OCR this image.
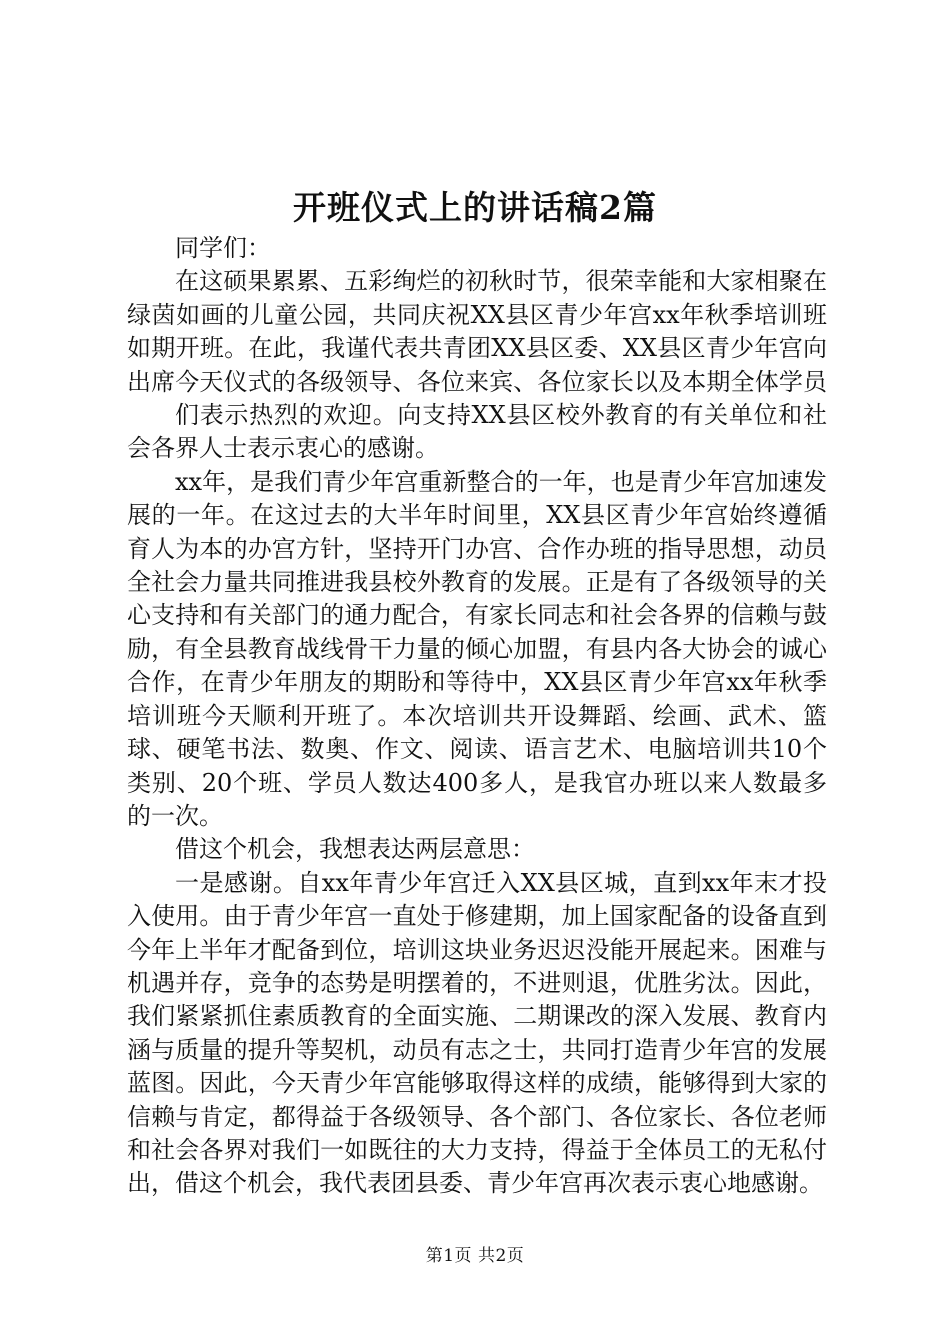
开班仪式上的讲话稿2篇

同学们：

在这硕果累累、五彩绚烂的初秋时节，很荣幸能和大家相聚在绿茵如画的儿童公园，共同庆祝XX县区青少年宫xx年秋季培训班如期开班。在此，我谨代表共青团XX县区委、XX县区青少年宫向出席今天仪式的各级领导、各位来宾、各位家长以及本期全体学员

们表示热烈的欢迎。向支持XX县区校外教育的有关单位和社会各界人士表示衷心的感谢。

xx年，是我们青少年宫重新整合的一年，也是青少年宫加速发展的一年。在这过去的大半年时间里，XX县区青少年宫始终遵循育人为本的办宫方针，坚持开门办宫、合作办班的指导思想，动员全社会力量共同推进我县校外教育的发展。正是有了各级领导的关心支持和有关部门的通力配合，有家长同志和社会各界的信赖与鼓励，有全县教育战线骨干力量的倾心加盟，有县内各大协会的诚心合作，在青少年朋友的期盼和等待中，XX县区青少年宫xx年秋季培训班今天顺利开班了。本次培训共开设舞蹈、绘画、武术、篮球、硬笔书法、数奥、作文、阅读、语言艺术、电脑培训共10个类别、20个班、学员人数达400多人，是我官办班以来人数最多的一次。

借这个机会，我想表达两层意思：

一是感谢。自xx年青少年宫迁入XX县区城，直到xx年末才投入使用。由于青少年宫一直处于修建期，加上国家配备的设备直到今年上半年才配备到位，培训这块业务迟迟没能开展起来。困难与机遇并存，竞争的态势是明摆着的，不进则退，优胜劣汰。因此，我们紧紧抓住素质教育的全面实施、二期课改的深入发展、教育内涵与质量的提升等契机，动员有志之士，共同打造青少年宫的发展蓝图。因此，今天青少年宫能够取得这样的成绩，能够得到大家的信赖与肯定，都得益于各级领导、各个部门、各位家长、各位老师和社会各界对我们一如既往的大力支持，得益于全体员工的无私付出，借这个机会，我代表团县委、青少年宫再次表示衷心地感谢。

第1页 共2页
